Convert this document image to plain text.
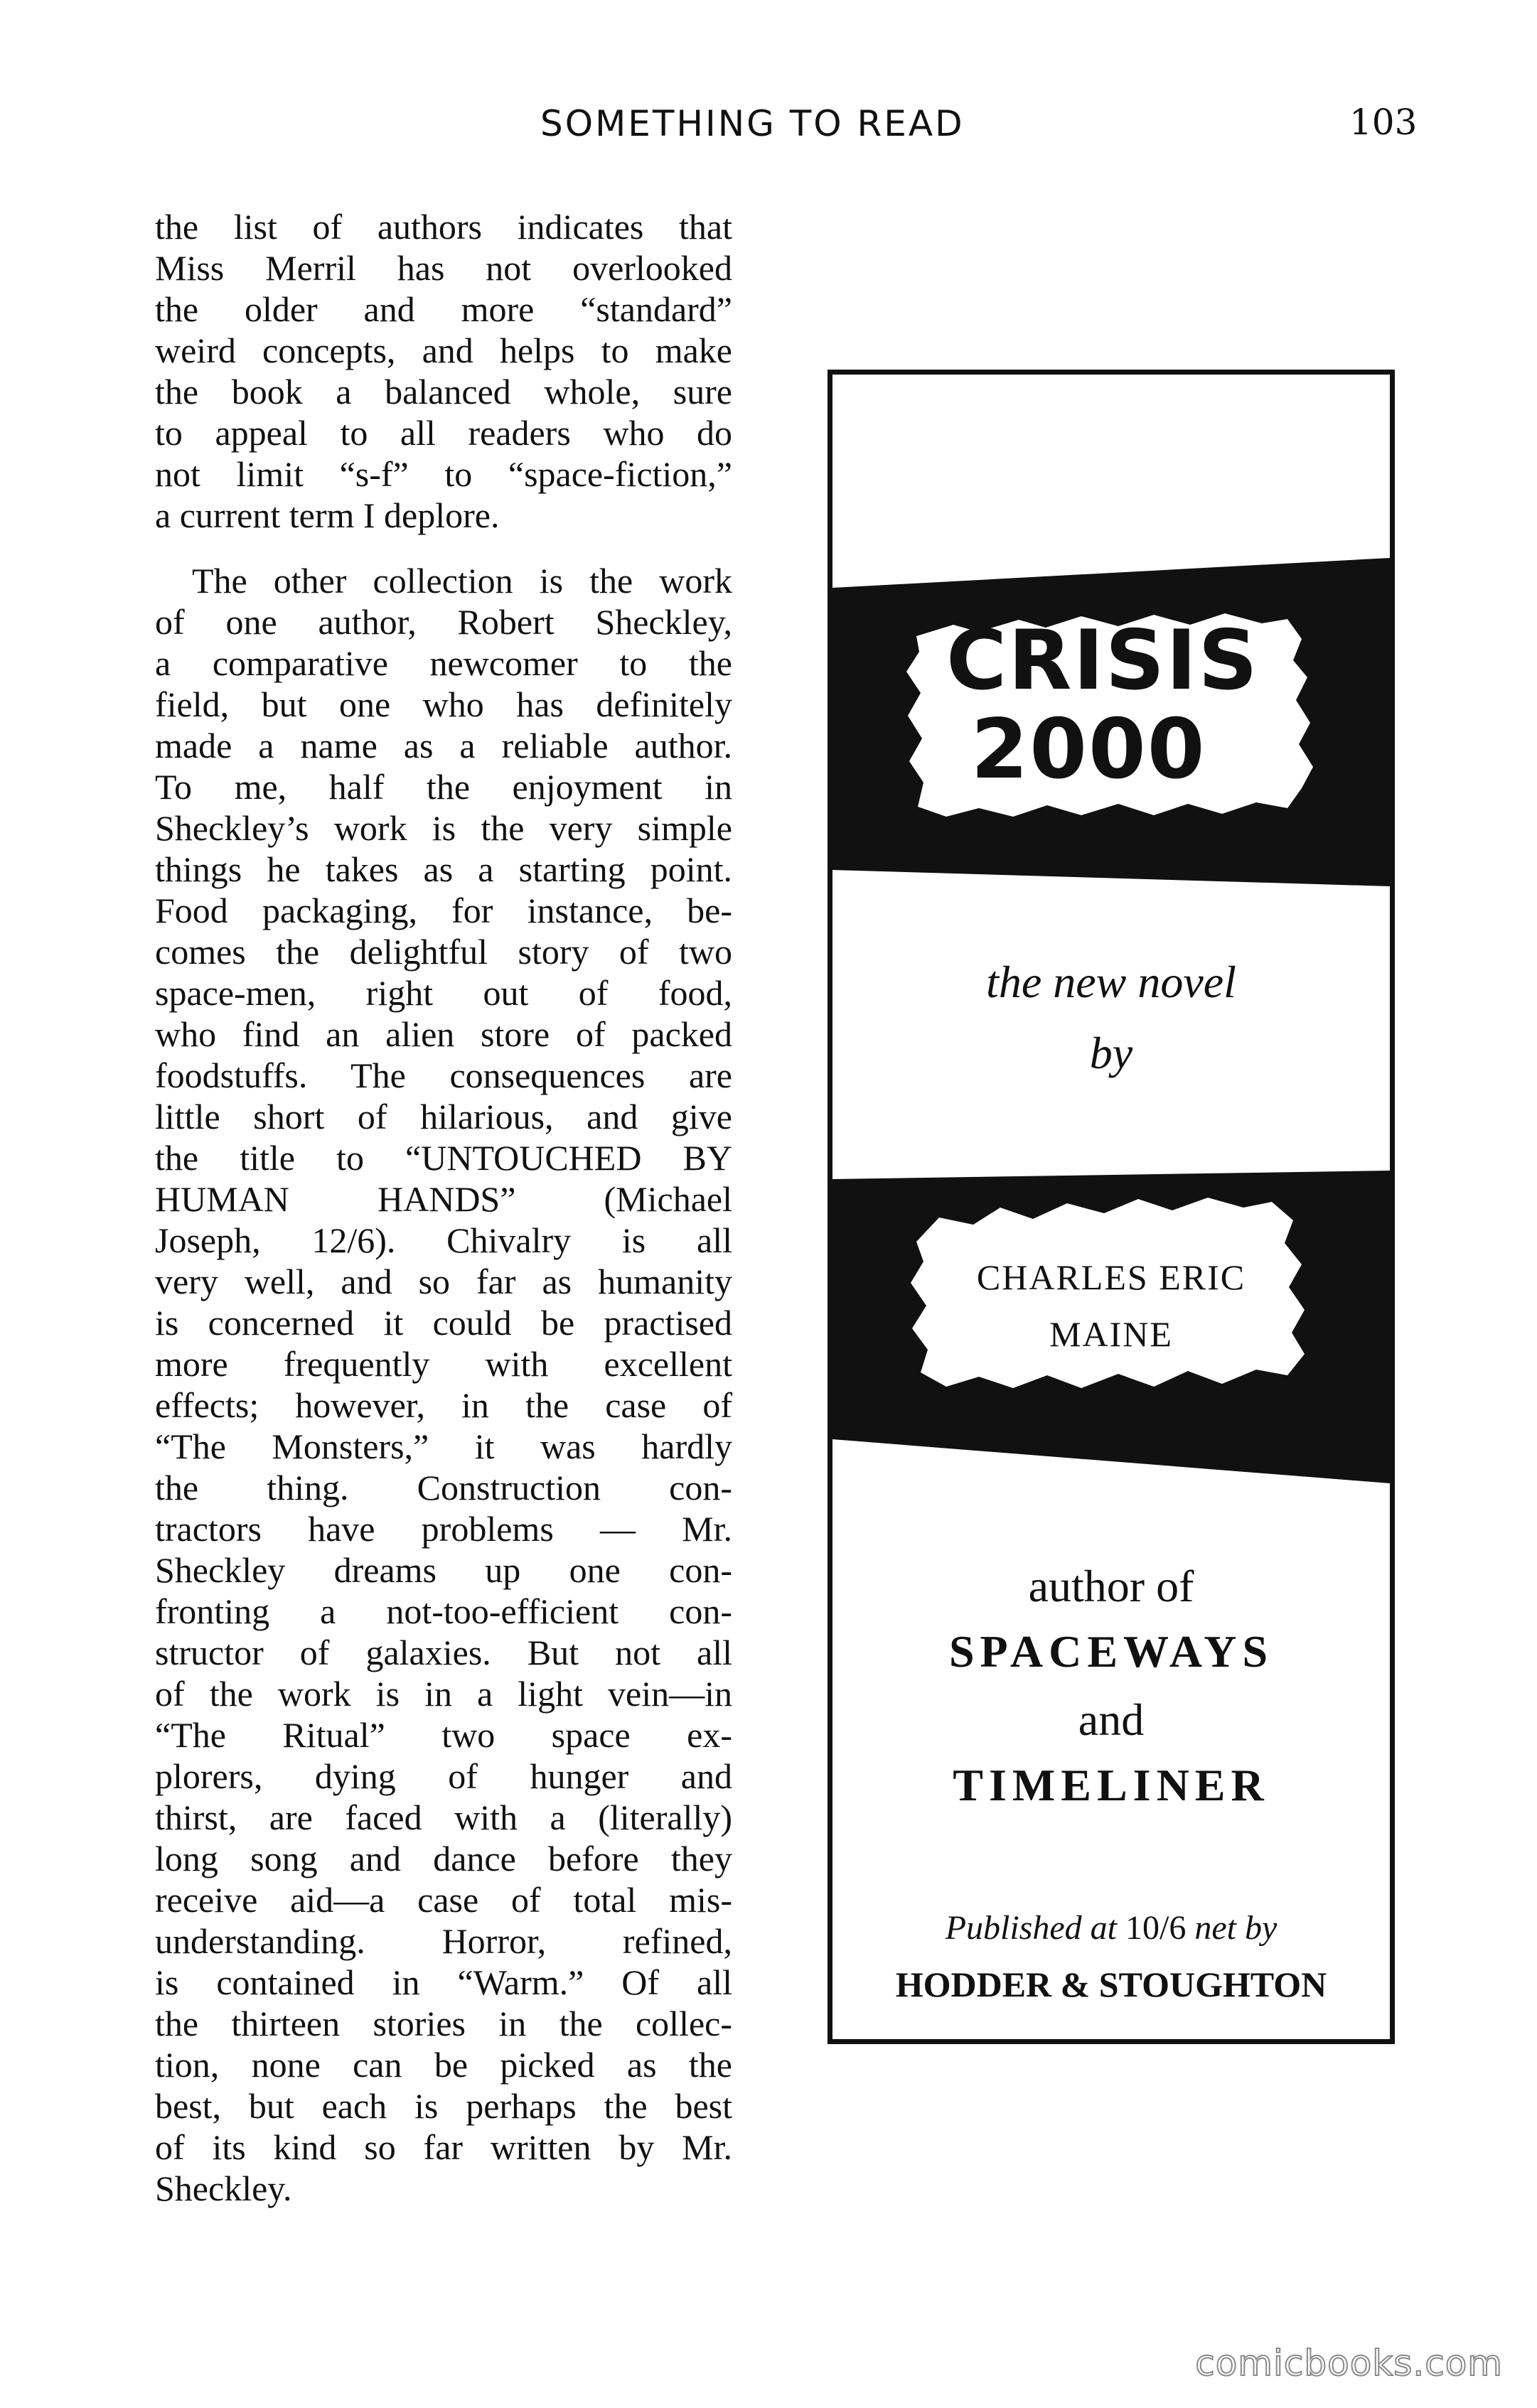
SOMETHING TO READ	103

the list of authors indicates that
Miss Merril has not overlooked
the older and more “standard”
weird concepts, and helps to make
the book a balanced whole, sure
to appeal to all readers who do
not limit “s-f” to “space-fiction,”
a current term I deplore.

The other collection is the work
of one author, Robert Sheckley,
a comparative newcomer to the
field, but one who has definitely
made a name as a reliable author.
To me, half the enjoyment in
Sheckley’s work is the very simple
things he takes as a starting point.
Food packaging, for instance, be-
comes the delightful story of two
space-men, right out of food,
who find an alien store of packed
foodstuffs. The consequences are
little short of hilarious, and give
the title to “UNTOUCHED BY
HUMAN HANDS” (Michael
Joseph, 12/6). Chivalry is all
very well, and so far as humanity
is concerned it could be practised
more frequently with excellent
effects; however, in the case of
“The Monsters,” it was hardly
the thing. Construction con-
tractors have problems — Mr.
Sheckley dreams up one con-
fronting a not-too-efficient con-
structor of galaxies. But not all
of the work is in a light vein—in
“The Ritual” two space ex-
plorers, dying of hunger and
thirst, are faced with a (literally)
long song and dance before they
receive aid—a case of total mis-
understanding. Horror, refined,
is contained in “Warm.” Of all
the thirteen stories in the collec-
tion, none can be picked as the
best, but each is perhaps the best
of its kind so far written by Mr.
Sheckley.

CRISIS
2000
the new novel
by
CHARLES ERIC
MAINE
author of
SPACEWAYS
and
TIMELINER
Published at 10/6 net by
HODDER & STOUGHTON
comicbooks.com
